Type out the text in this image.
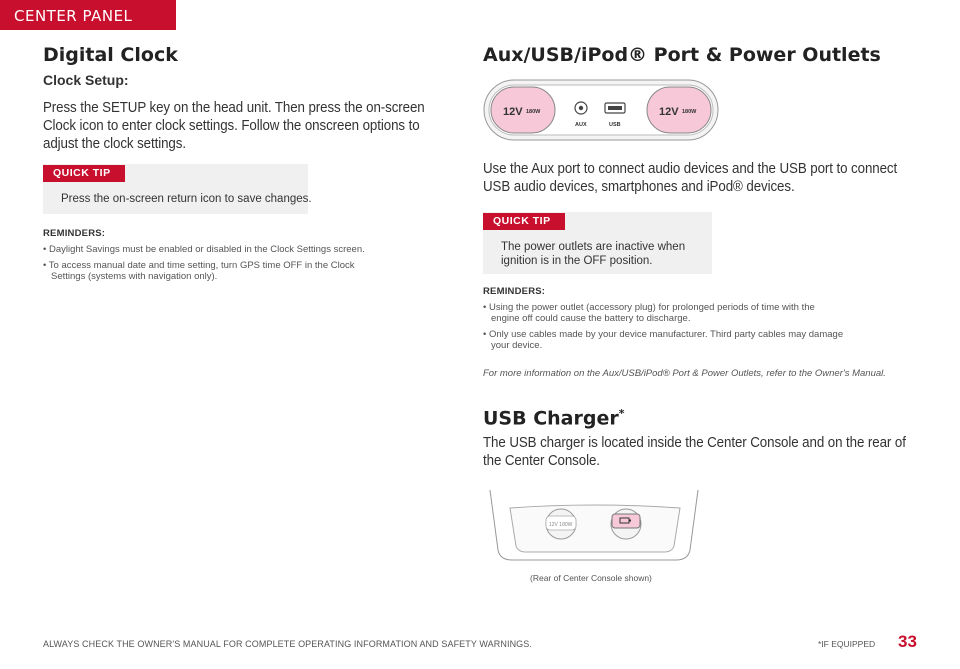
CENTER PANEL
Digital Clock

Clock Setup:

Press the SETUP key on the head unit. Then press the on-screen
Clock icon to enter clock settings. Follow the onscreen options to
adjust the clock settings.

QUICK TIP

Press the on-screen return icon to save changes.

REMINDERS:

• Daylight Savings must be enabled or disabled in the Clock Settings screen.
• To access manual date and time setting, turn GPS time OFF in the Clock
Settings (systems with navigation only).
Aux/USB/iPod® Port & Power Outlets
12V 180W	12V 180W
AUX	USB

Use the Aux port to connect audio devices and the USB port to connect
USB audio devices, smartphones and iPod® devices.

QUICK TIP

The power outlets are inactive when
ignition is in the OFF position.

REMINDERS:

• Using the power outlet (accessory plug) for prolonged periods of time with the
engine off could cause the battery to discharge.
• Only use cables made by your device manufacturer. Third party cables may damage
your device.

For more information on the Aux/USB/iPod® Port & Power Outlets, refer to the Owner's Manual.

USB Charger*

The USB charger is located inside the Center Console and on the rear of
the Center Console.

12V 180W

(Rear of Center Console shown)

ALWAYS CHECK THE OWNER'S MANUAL FOR COMPLETE OPERATING INFORMATION AND SAFETY WARNINGS.	*IF EQUIPPED 33
